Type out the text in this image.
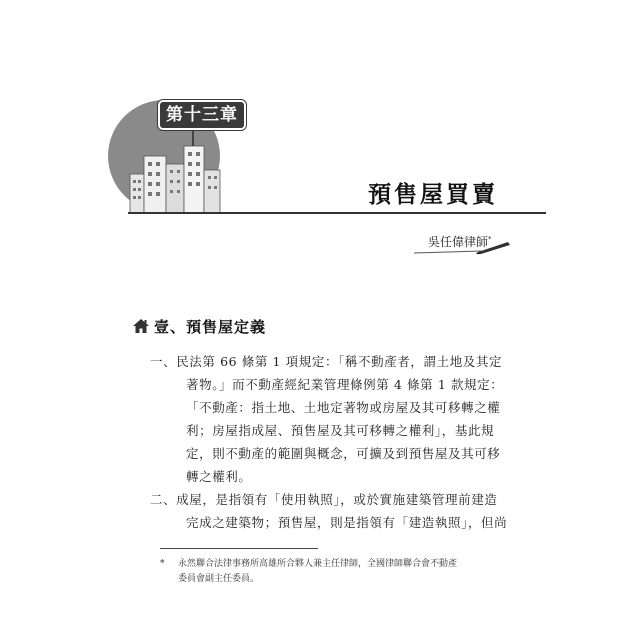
第十三章
預售屋買賣
吳任偉律師*
壹、預售屋定義
一、民法第 66 條第 1 項規定：「稱不動產者，謂土地及其定
著物。」而不動產經紀業管理條例第 4 條第 1 款規定：
「不動產：指土地、土地定著物或房屋及其可移轉之權
利；房屋指成屋、預售屋及其可移轉之權利」，基此規
定，則不動產的範圍與概念，可擴及到預售屋及其可移
轉之權利。
二、成屋，是指領有「使用執照」，或於實施建築管理前建造
完成之建築物；預售屋，則是指領有「建造執照」，但尚
* 永然聯合法律事務所高雄所合夥人兼主任律師，全國律師聯合會不動產
委員會副主任委員。
